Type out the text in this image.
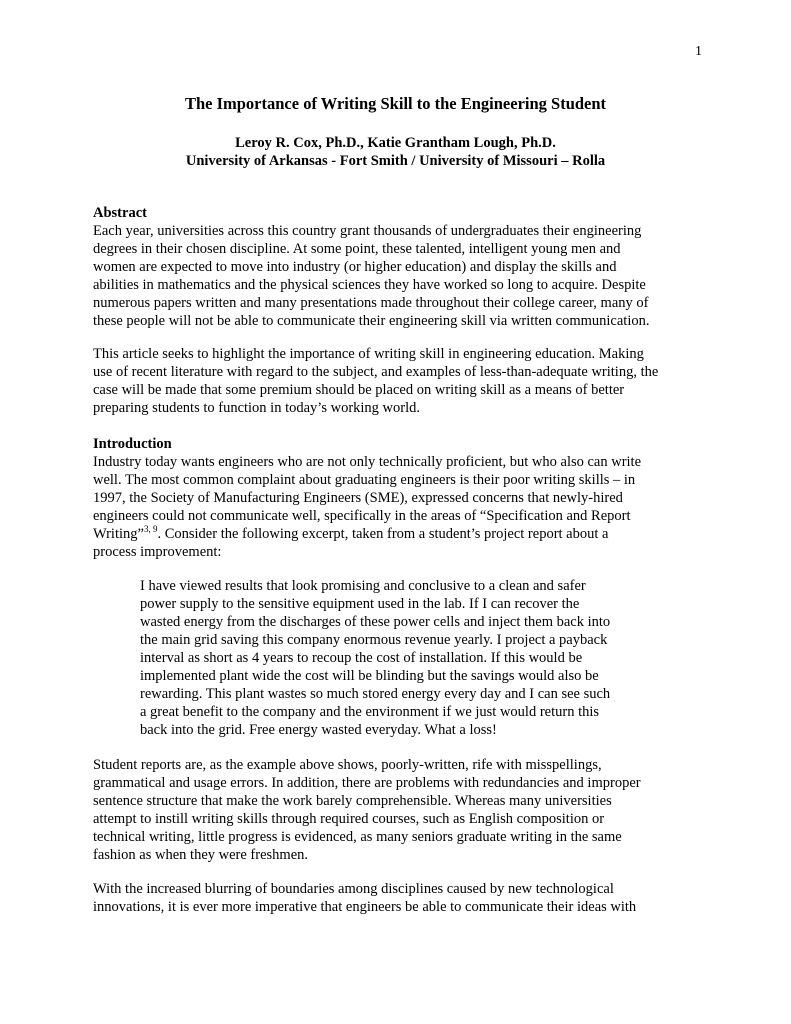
1
The Importance of Writing Skill to the Engineering Student
Leroy R. Cox, Ph.D., Katie Grantham Lough, Ph.D.
University of Arkansas - Fort Smith / University of Missouri – Rolla
Abstract
Each year, universities across this country grant thousands of undergraduates their engineering
degrees in their chosen discipline. At some point, these talented, intelligent young men and
women are expected to move into industry (or higher education) and display the skills and
abilities in mathematics and the physical sciences they have worked so long to acquire. Despite
numerous papers written and many presentations made throughout their college career, many of
these people will not be able to communicate their engineering skill via written communication.
This article seeks to highlight the importance of writing skill in engineering education. Making
use of recent literature with regard to the subject, and examples of less-than-adequate writing, the
case will be made that some premium should be placed on writing skill as a means of better
preparing students to function in today’s working world.
Introduction
Industry today wants engineers who are not only technically proficient, but who also can write
well. The most common complaint about graduating engineers is their poor writing skills – in
1997, the Society of Manufacturing Engineers (SME), expressed concerns that newly-hired
engineers could not communicate well, specifically in the areas of “Specification and Report
Writing”$^{3, 9}$. Consider the following excerpt, taken from a student’s project report about a
process improvement:
I have viewed results that look promising and conclusive to a clean and safer
power supply to the sensitive equipment used in the lab. If I can recover the
wasted energy from the discharges of these power cells and inject them back into
the main grid saving this company enormous revenue yearly. I project a payback
interval as short as 4 years to recoup the cost of installation. If this would be
implemented plant wide the cost will be blinding but the savings would also be
rewarding. This plant wastes so much stored energy every day and I can see such
a great benefit to the company and the environment if we just would return this
back into the grid. Free energy wasted everyday. What a loss!
Student reports are, as the example above shows, poorly-written, rife with misspellings,
grammatical and usage errors. In addition, there are problems with redundancies and improper
sentence structure that make the work barely comprehensible. Whereas many universities
attempt to instill writing skills through required courses, such as English composition or
technical writing, little progress is evidenced, as many seniors graduate writing in the same
fashion as when they were freshmen.
With the increased blurring of boundaries among disciplines caused by new technological
innovations, it is ever more imperative that engineers be able to communicate their ideas with
